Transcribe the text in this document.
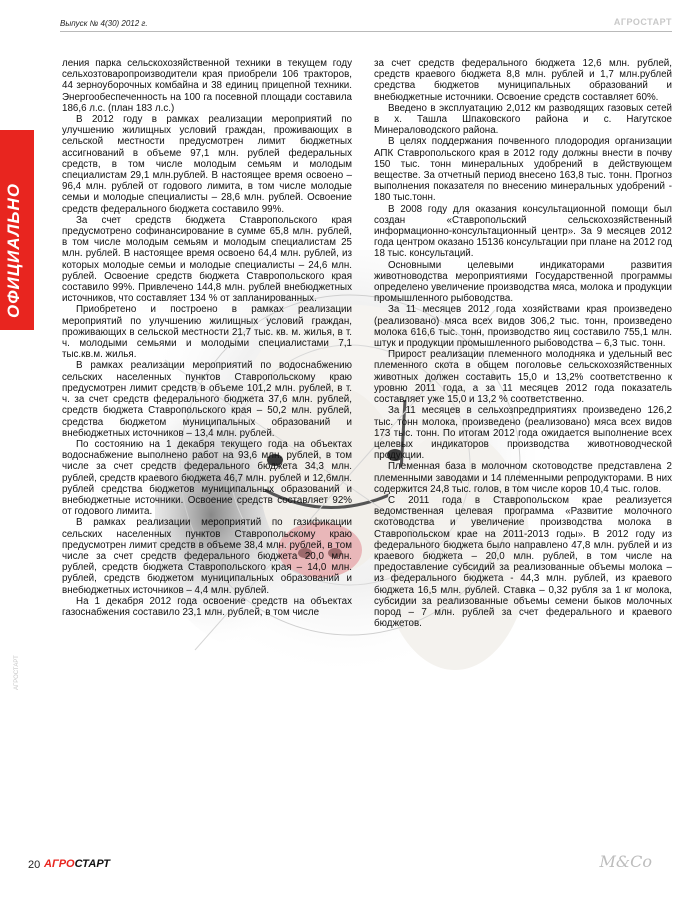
Выпуск № 4(30) 2012 г.	АГРОСТАРТ
ОФИЦИАЛЬНО
АГРОСТАРТ

ления парка сельскохозяйственной техники в текущем году сельхозтоваропроизводители края приобрели 106 тракторов, 44 зерноуборочных комбайна и 38 единиц прицепной техники. Энергообеспеченность на 100 га посевной площади составила 186,6 л.с. (план 183 л.с.)

В 2012 году в рамках реализации мероприятий по улучшению жилищных условий граждан, проживающих в сельской местности предусмотрен лимит бюджетных ассигнований в объеме 97,1 млн. рублей федеральных средств, в том числе молодым семьям и молодым специалистам 29,1 млн.рублей. В настоящее время освоено – 96,4 млн. рублей от годового лимита, в том числе молодые семьи и молодые специалисты – 28,6 млн. рублей. Освоение средств федерального бюджета составило 99%.

За счет средств бюджета Ставропольского края предусмотрено софинансирование в сумме 65,8 млн. рублей, в том числе молодым семьям и молодым специалистам 25 млн. рублей. В настоящее время освоено 64,4 млн. рублей, из которых молодые семьи и молодые специалисты – 24,6 млн. рублей. Освоение средств бюджета Ставропольского края составило 99%. Привлечено 144,8 млн. рублей внебюджетных источников, что составляет 134 % от запланированных.

Приобретено и построено в рамках реализации мероприятий по улучшению жилищных условий граждан, проживающих в сельской местности 21,7 тыс. кв. м. жилья, в т. ч. молодыми семьями и молодыми специалистами 7,1 тыс.кв.м. жилья.

В рамках реализации мероприятий по водоснабжению сельских населенных пунктов Ставропольскому краю предусмотрен лимит средств в объеме 101,2 млн. рублей, в т. ч. за счет средств федерального бюджета 37,6 млн. рублей, средств бюджета Ставропольского края – 50,2 млн. рублей, средства бюджетом муниципальных образований и внебюджетных источников – 13,4 млн. рублей.

По состоянию на 1 декабря текущего года на объектах водоснабжение выполнено работ на 93,6 млн. рублей, в том числе за счет средств федерального бюджета 34,3 млн. рублей, средств краевого бюджета 46,7 млн. рублей и 12,6млн. рублей средства бюджетов муниципальных образований и внебюджетные источники. Освоение средств составляет 92% от годового лимита.

В рамках реализации мероприятий по газификации сельских населенных пунктов Ставропольскому краю предусмотрен лимит средств в объеме 38,4 млн. рублей, в том числе за счет средств федерального бюджета 20,0 млн. рублей, средств бюджета Ставропольского края – 14,0 млн. рублей, средств бюджетом муниципальных образований и внебюджетных источников – 4,4 млн. рублей.

На 1 декабря 2012 года освоение средств на объектах газоснабжения составило 23,1 млн. рублей, в том числе

за счет средств федерального бюджета 12,6 млн. рублей, средств краевого бюджета 8,8 млн. рублей и 1,7 млн.рублей средства бюджетов муниципальных образований и внебюджетные источники. Освоение средств составляет 60%.

Введено в эксплуатацию 2,012 км разводящих газовых сетей в х. Ташла Шпаковского района и с. Нагутское Минераловодского района.

В целях поддержания почвенного плодородия организации АПК Ставропольского края в 2012 году должны внести в почву 150 тыс. тонн минеральных удобрений в действующем веществе. За отчетный период внесено 163,8 тыс. тонн. Прогноз выполнения показателя по внесению минеральных удобрений - 180 тыс.тонн.

В 2008 году для оказания консультационной помощи был создан «Ставропольский сельскохозяйственный информационно-консультационный центр». За 9 месяцев 2012 года центром оказано 15136 консультации при плане на 2012 год 18 тыс. консультаций.

Основными целевыми индикаторами развития животноводства мероприятиями Государственной программы определено увеличение производства мяса, молока и продукции промышленного рыбоводства.

За 11 месяцев 2012 года хозяйствами края произведено (реализовано) мяса всех видов 306,2 тыс. тонн, произведено молока 616,6 тыс. тонн, производство яиц составило 755,1 млн. штук и продукции промышленного рыбоводства – 6,3 тыс. тонн.

Прирост реализации племенного молодняка и удельный вес племенного скота в общем поголовье сельскохозяйственных животных должен составить 15,0 и 13,2% соответственно к уровню 2011 года, а за 11 месяцев 2012 года показатель составляет уже 15,0 и 13,2 % соответственно.

За 11 месяцев в сельхозпредприятиях произведено 126,2 тыс. тонн молока, произведено (реализовано) мяса всех видов 173 тыс. тонн. По итогам 2012 года ожидается выполнение всех целевых индикаторов производства животноводческой продукции.

Племенная база в молочном скотоводстве представлена 2 племенными заводами и 14 племенными репродукторами. В них содержится 24,8 тыс. голов, в том числе коров 10,4 тыс. голов.

С 2011 года в Ставропольском крае реализуется ведомственная целевая программа «Развитие молочного скотоводства и увеличение производства молока в Ставропольском крае на 2011-2013 годы». В 2012 году из федерального бюджета было направлено 47,8 млн. рублей и из краевого бюджета – 20,0 млн. рублей, в том числе на предоставление субсидий за реализованные объемы молока – из федерального бюджета - 44,3 млн. рублей, из краевого бюджета 16,5 млн. рублей. Ставка – 0,32 рубля за 1 кг молока, субсидии за реализованные объемы семени быков молочных пород – 7 млн. рублей за счет федерального и краевого бюджетов.

20 АГРОСТАРТ	M&Co
